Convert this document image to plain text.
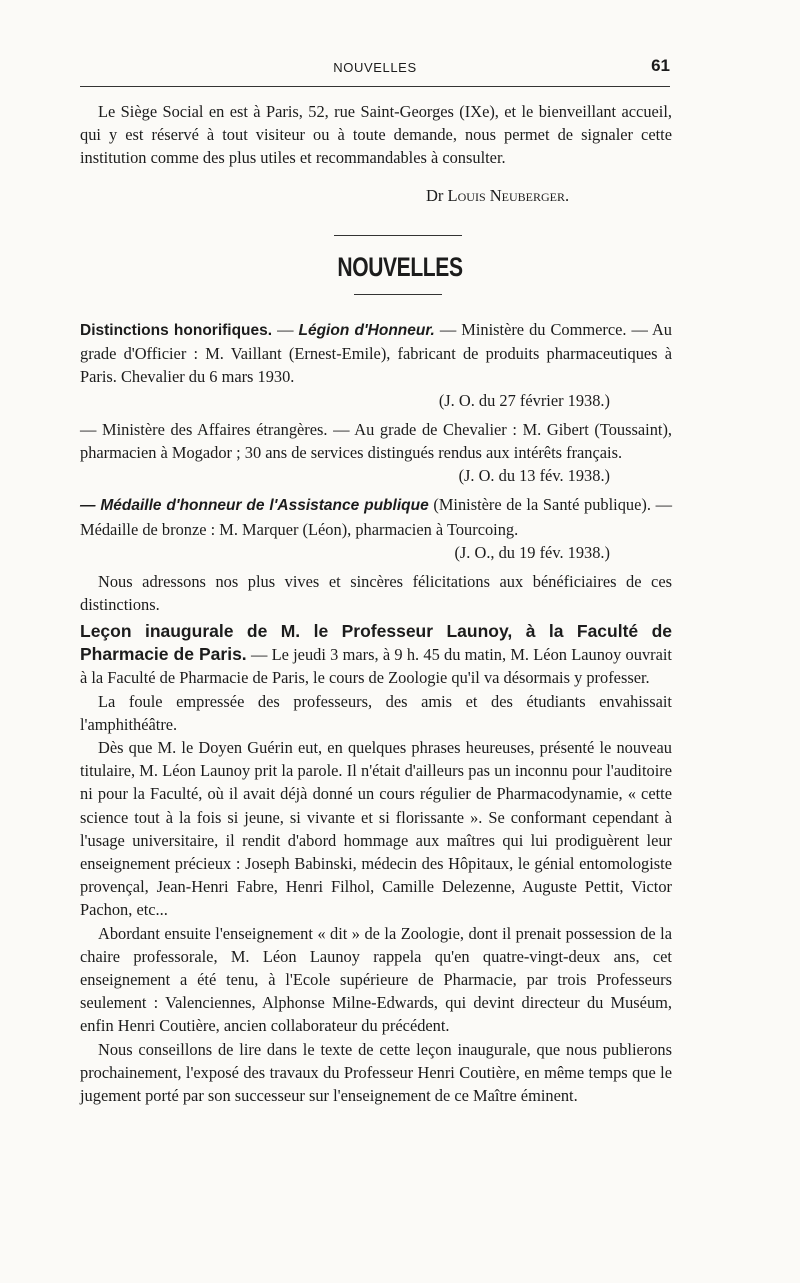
NOUVELLES	61

Le Siège Social en est à Paris, 52, rue Saint-Georges (IXe), et le bienveillant accueil, qui y est réservé à tout visiteur ou à toute demande, nous permet de signaler cette institution comme des plus utiles et recommandables à consulter.

Dr Louis Neuberger.
NOUVELLES

Distinctions honorifiques. — Légion d'Honneur. — Ministère du Commerce. — Au grade d'Officier : M. Vaillant (Ernest-Emile), fabricant de produits pharmaceutiques à Paris. Chevalier du 6 mars 1930.
(J. O. du 27 février 1938.)

— Ministère des Affaires étrangères. — Au grade de Chevalier : M. Gibert (Toussaint), pharmacien à Mogador ; 30 ans de services distingués rendus aux intérêts français.
(J. O. du 13 fév. 1938.)

— Médaille d'honneur de l'Assistance publique (Ministère de la Santé publique). — Médaille de bronze : M. Marquer (Léon), pharmacien à Tourcoing.
(J. O., du 19 fév. 1938.)

Nous adressons nos plus vives et sincères félicitations aux bénéficiaires de ces distinctions.

Leçon inaugurale de M. le Professeur Launoy, à la Faculté de Pharmacie de Paris. — Le jeudi 3 mars, à 9 h. 45 du matin, M. Léon Launoy ouvrait à la Faculté de Pharmacie de Paris, le cours de Zoologie qu'il va désormais y professer.

La foule empressée des professeurs, des amis et des étudiants envahissait l'amphithéâtre.

Dès que M. le Doyen Guérin eut, en quelques phrases heureuses, présenté le nouveau titulaire, M. Léon Launoy prit la parole. Il n'était d'ailleurs pas un inconnu pour l'auditoire ni pour la Faculté, où il avait déjà donné un cours régulier de Pharmacodynamie, « cette science tout à la fois si jeune, si vivante et si florissante ». Se conformant cependant à l'usage universitaire, il rendit d'abord hommage aux maîtres qui lui prodiguèrent leur enseignement précieux : Joseph Babinski, médecin des Hôpitaux, le génial entomologiste provençal, Jean-Henri Fabre, Henri Filhol, Camille Delezenne, Auguste Pettit, Victor Pachon, etc...

Abordant ensuite l'enseignement « dit » de la Zoologie, dont il prenait possession de la chaire professorale, M. Léon Launoy rappela qu'en quatre-vingt-deux ans, cet enseignement a été tenu, à l'Ecole supérieure de Pharmacie, par trois Professeurs seulement : Valenciennes, Alphonse Milne-Edwards, qui devint directeur du Muséum, enfin Henri Coutière, ancien collaborateur du précédent.

Nous conseillons de lire dans le texte de cette leçon inaugurale, que nous publierons prochainement, l'exposé des travaux du Professeur Henri Coutière, en même temps que le jugement porté par son successeur sur l'enseignement de ce Maître éminent.
